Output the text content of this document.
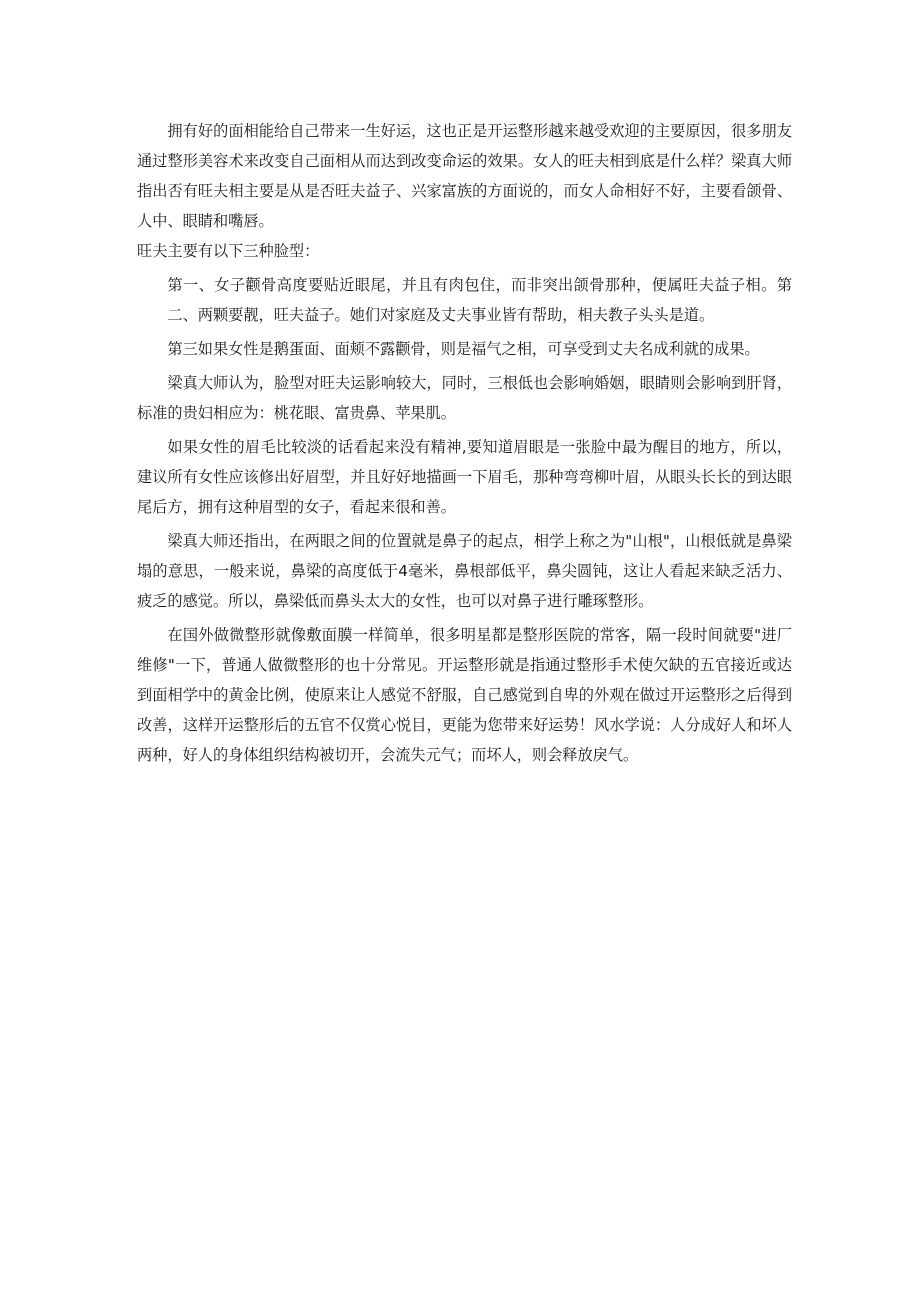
拥有好的面相能给自己带来一生好运，这也正是开运整形越来越受欢迎的主要原因，很多朋友通过整形美容术来改变自己面相从而达到改变命运的效果。女人的旺夫相到底是什么样？梁真大师指出否有旺夫相主要是从是否旺夫益子、兴家富族的方面说的，而女人命相好不好，主要看颌骨、人中、眼睛和嘴唇。

旺夫主要有以下三种脸型：

第一、女子颧骨高度要贴近眼尾，并且有肉包住，而非突出颌骨那种，便属旺夫益子相。第二、两颗要靓，旺夫益子。她们对家庭及丈夫事业皆有帮助，相夫教子头头是道。

第三如果女性是鹅蛋面、面颊不露颧骨，则是福气之相，可享受到丈夫名成利就的成果。

梁真大师认为，脸型对旺夫运影响较大，同时，三根低也会影响婚姻，眼睛则会影响到肝肾，标准的贵妇相应为：桃花眼、富贵鼻、苹果肌。

如果女性的眉毛比较淡的话看起来没有精神,要知道眉眼是一张脸中最为醒目的地方，所以，建议所有女性应该修出好眉型，并且好好地描画一下眉毛，那种弯弯柳叶眉，从眼头长长的到达眼尾后方，拥有这种眉型的女子，看起来很和善。

梁真大师还指出，在两眼之间的位置就是鼻子的起点，相学上称之为"山根"，山根低就是鼻梁塌的意思，一般来说，鼻梁的高度低于4毫米，鼻根部低平，鼻尖圆钝，这让人看起来缺乏活力、疲乏的感觉。所以，鼻梁低而鼻头太大的女性，也可以对鼻子进行雕琢整形。

在国外做微整形就像敷面膜一样简单，很多明星都是整形医院的常客，隔一段时间就要"进厂维修"一下，普通人做微整形的也十分常见。开运整形就是指通过整形手术使欠缺的五官接近或达到面相学中的黄金比例，使原来让人感觉不舒服，自己感觉到自卑的外观在做过开运整形之后得到改善，这样开运整形后的五官不仅赏心悦目，更能为您带来好运势！风水学说：人分成好人和坏人两种，好人的身体组织结构被切开，会流失元气；而坏人，则会释放戾气。
